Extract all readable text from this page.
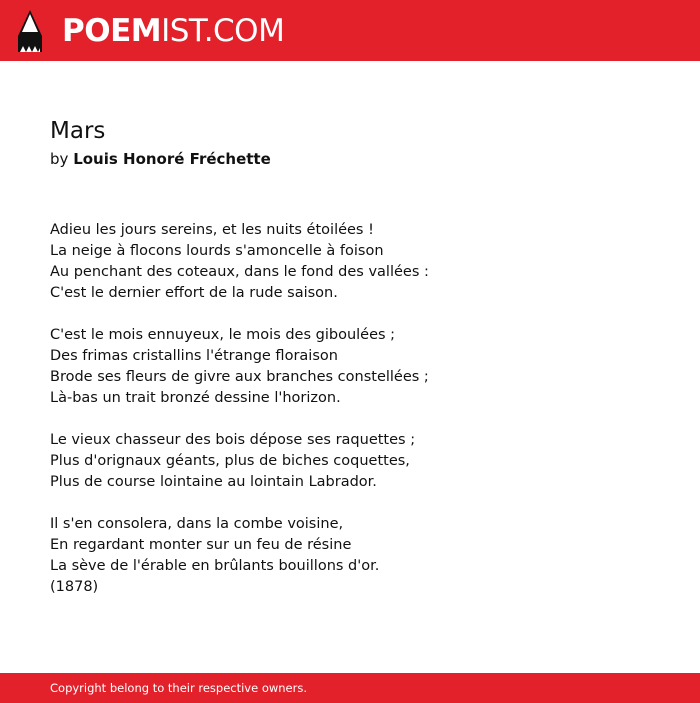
POEMIST.COM
Mars

by Louis Honoré Fréchette

Adieu les jours sereins, et les nuits étoilées !
La neige à flocons lourds s'amoncelle à foison
Au penchant des coteaux, dans le fond des vallées :
C'est le dernier effort de la rude saison.
C'est le mois ennuyeux, le mois des giboulées ;
Des frimas cristallins l'étrange floraison
Brode ses fleurs de givre aux branches constellées ;
Là-bas un trait bronzé dessine l'horizon.
Le vieux chasseur des bois dépose ses raquettes ;
Plus d'orignaux géants, plus de biches coquettes,
Plus de course lointaine au lointain Labrador.
Il s'en consolera, dans la combe voisine,
En regardant monter sur un feu de résine
La sève de l'érable en brûlants bouillons d'or.
(1878)
Copyright belong to their respective owners.
